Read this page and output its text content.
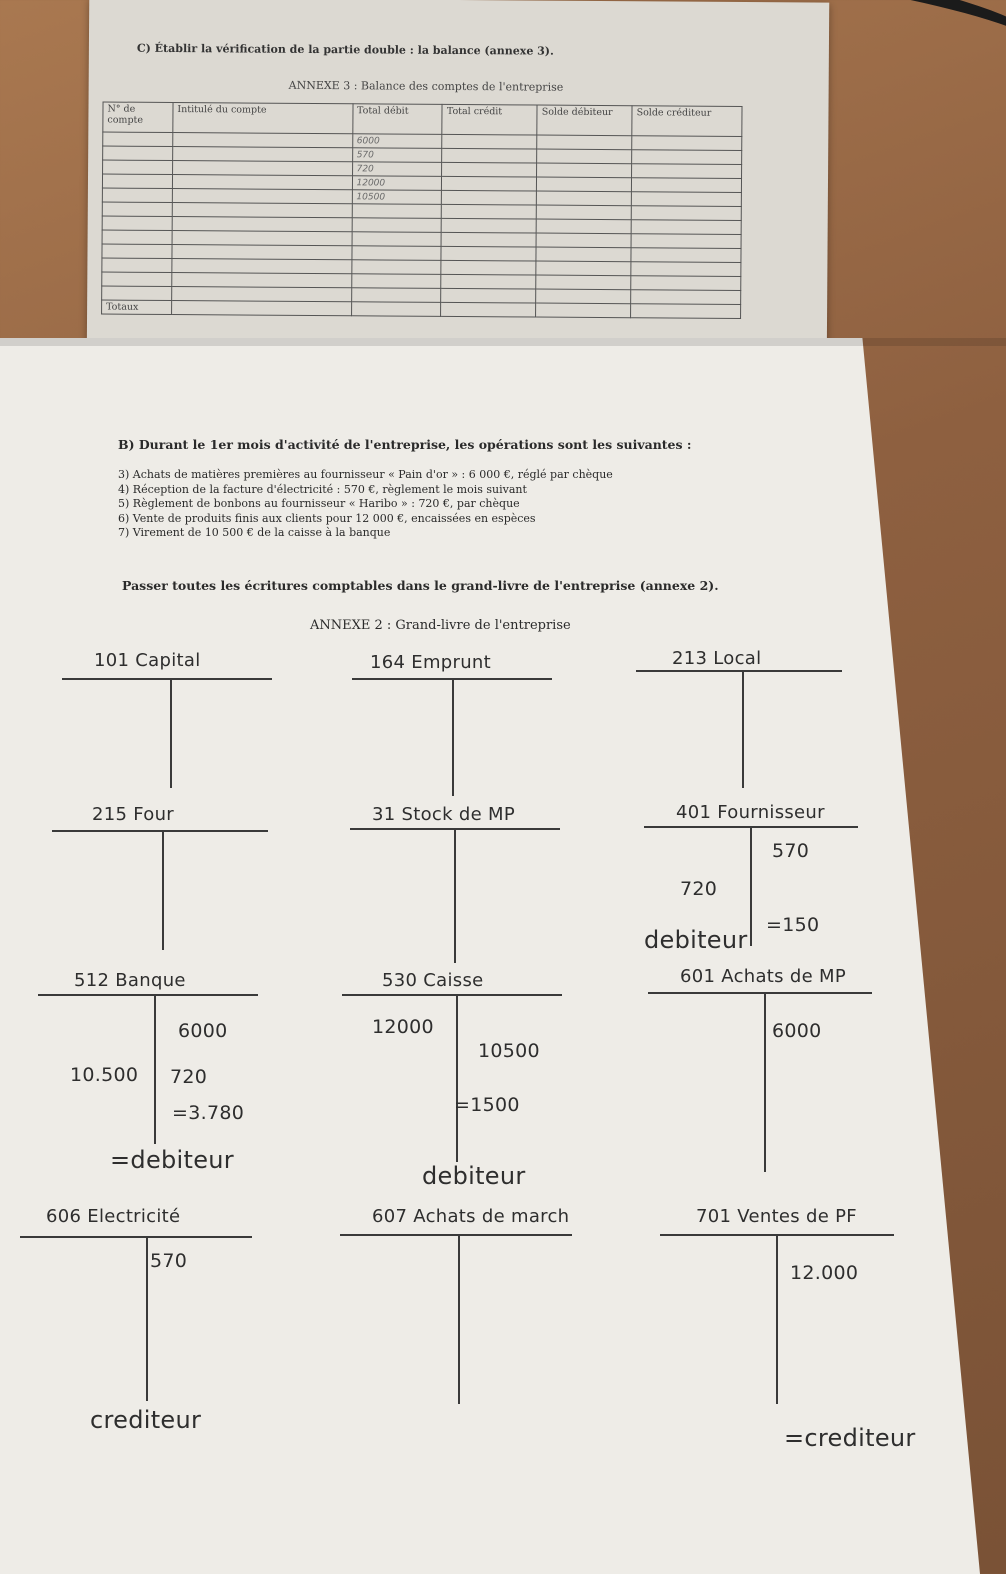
C) Établir la vérification de la partie double : la balance (annexe 3).
ANNEXE 3 : Balance des comptes de l'entreprise
N° de compte	Intitulé du compte	Total débit	Total crédit	Solde débiteur	Solde créditeur
		6000			
		570			
		720			
		12000			
		10500			

Totaux					
B) Durant le 1er mois d'activité de l'entreprise, les opérations sont les suivantes :
3) Achats de matières premières au fournisseur « Pain d'or » : 6 000 €, réglé par chèque
4) Réception de la facture d'électricité : 570 €, règlement le mois suivant
5) Règlement de bonbons au fournisseur « Haribo » : 720 €, par chèque
6) Vente de produits finis aux clients pour 12 000 €, encaissées en espèces
7) Virement de 10 500 € de la caisse à la banque
Passer toutes les écritures comptables dans le grand-livre de l'entreprise (annexe 2).
ANNEXE 2 : Grand-livre de l'entreprise
101 Capital	164 Emprunt	213 Local
215 Four	31 Stock de MP	401 Fournisseur
570
720
=150
debiteur
512 Banque
6000
10.500 720
=3.780
=debiteur
530 Caisse
12000
10500
=1500
debiteur
601 Achats de MP
6000
606 Electricité
570
crediteur
607 Achats de march	701 Ventes de PF
12.000
=crediteur
